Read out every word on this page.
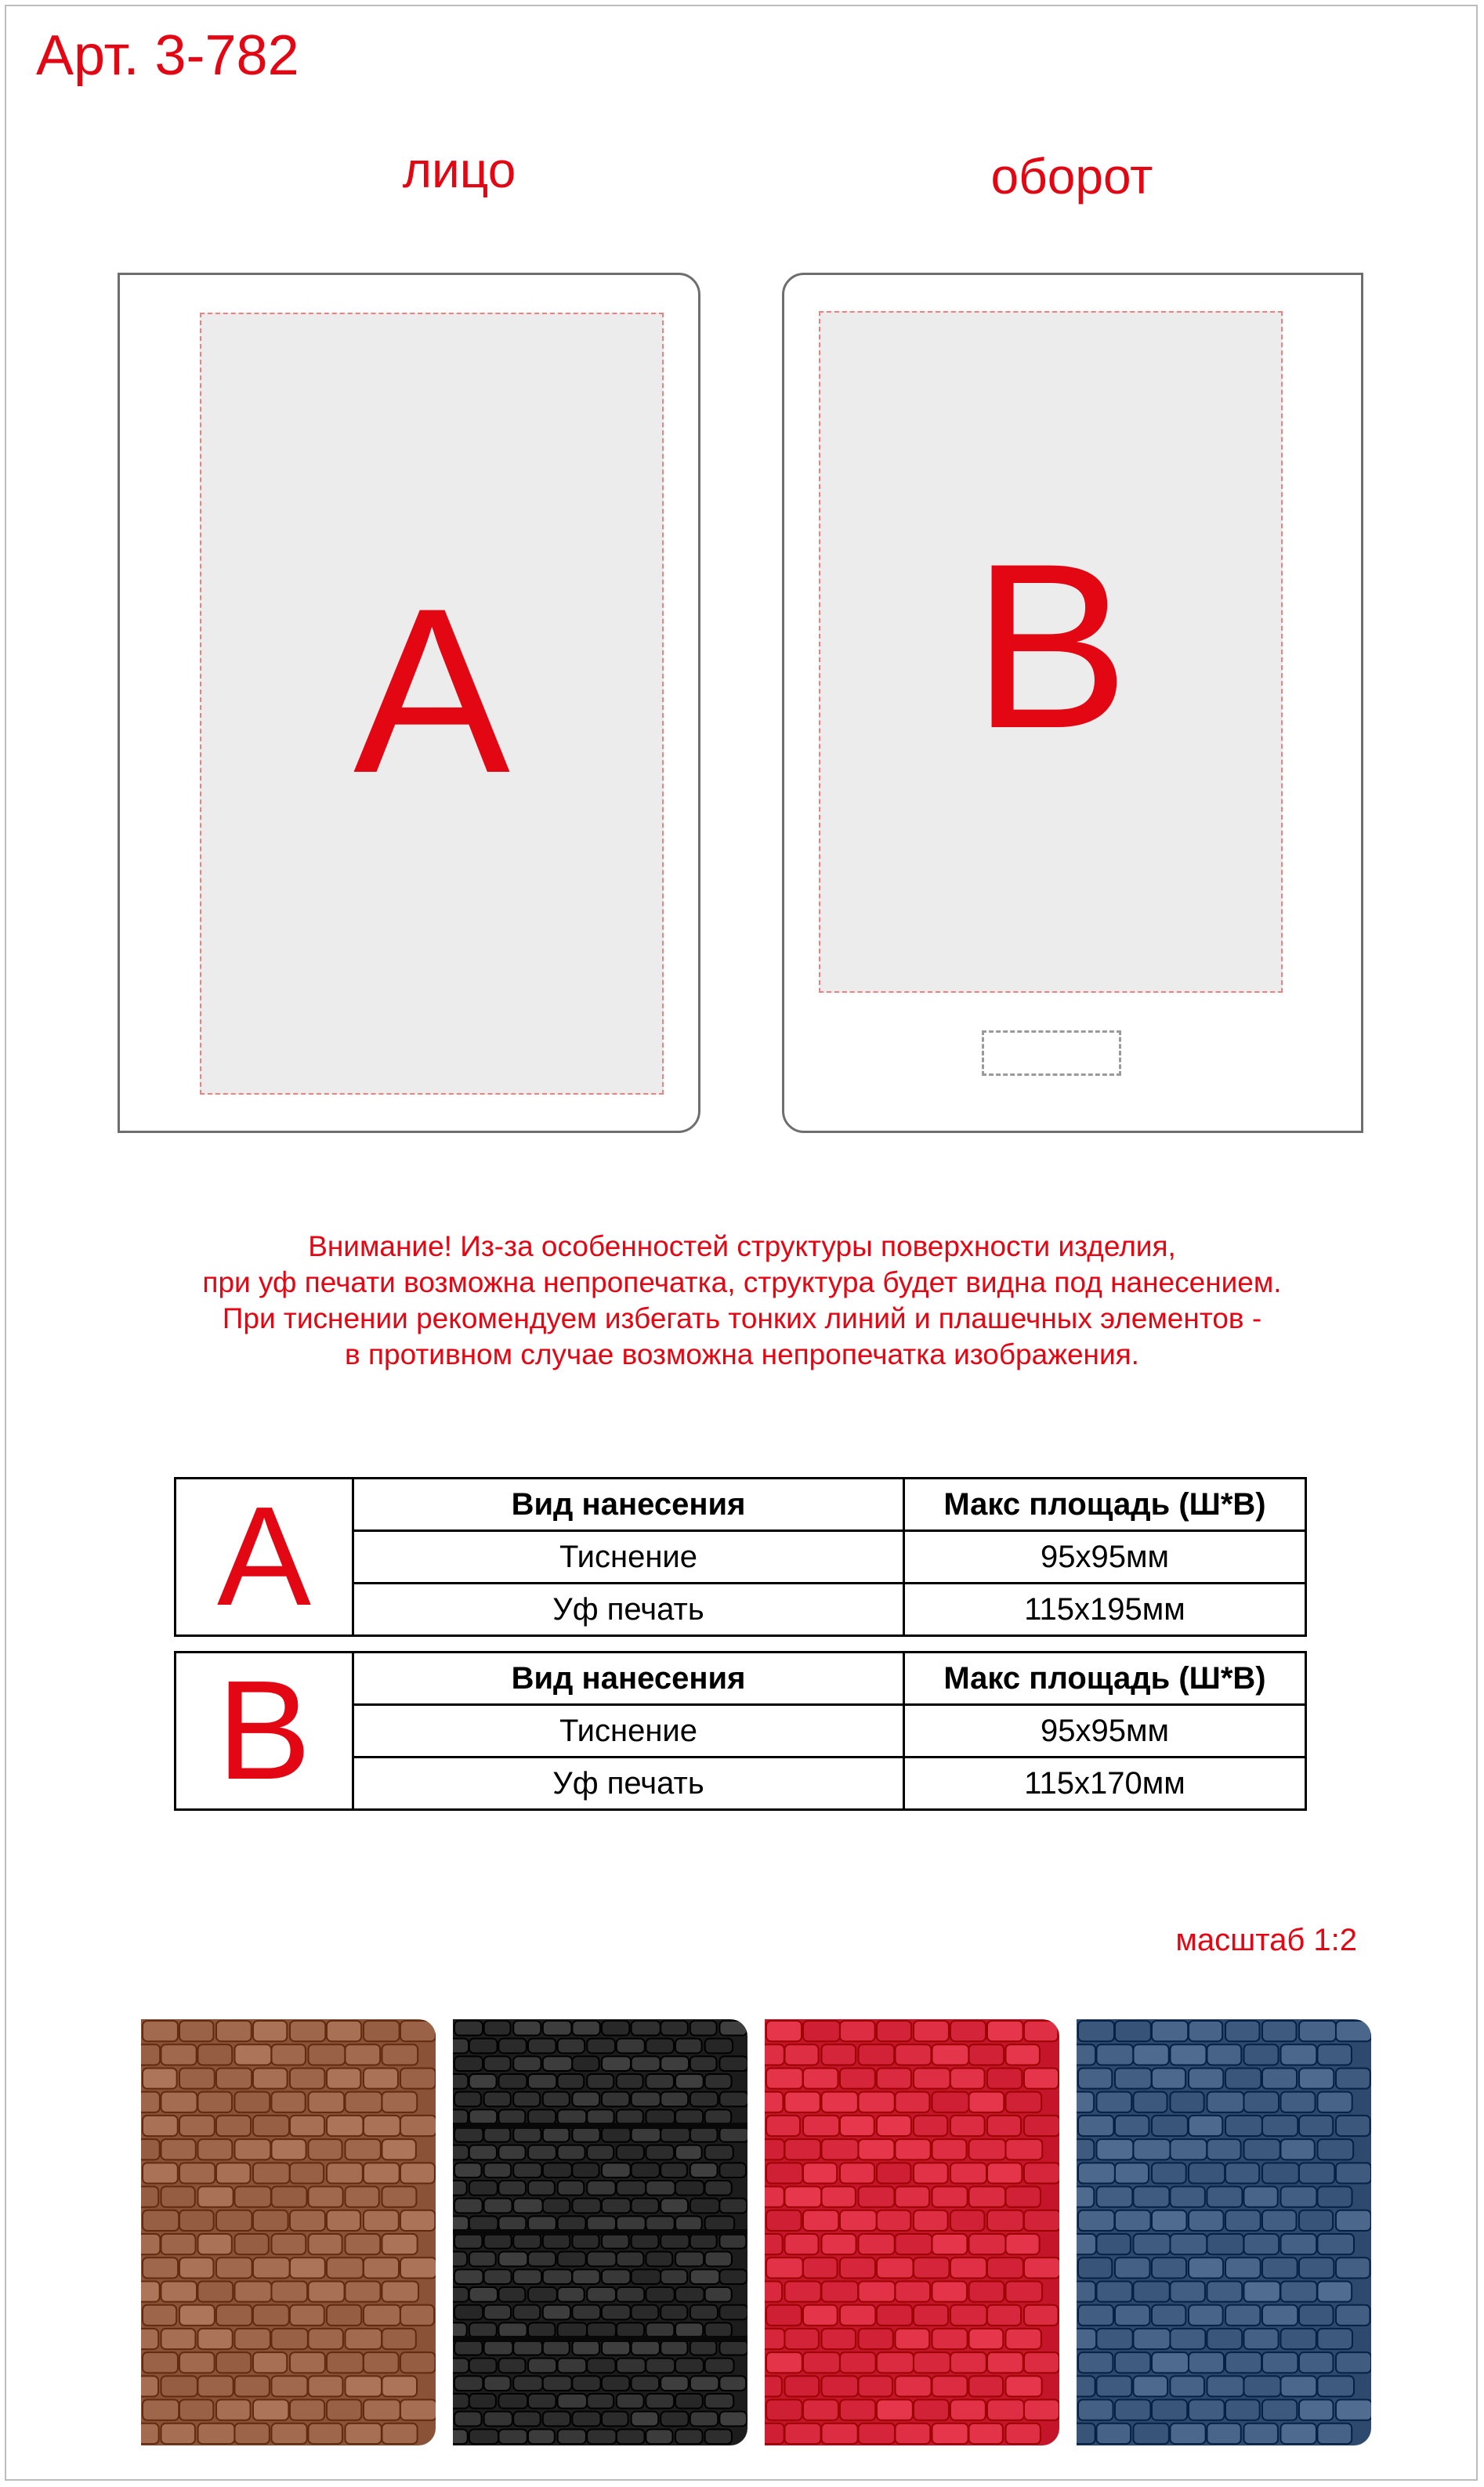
Арт. 3-782
лицо	оборот
A	B
Внимание! Из-за особенностей структуры поверхности изделия,
при уф печати возможна непропечатка, структура будет видна под нанесением.
При тиснении рекомендуем избегать тонких линий и плашечных элементов -
в противном случае возможна непропечатка изображения.
A	Вид нанесения	Макс площадь (Ш*В)
	Тиснение	95х95мм
	Уф печать	115х195мм
B	Вид нанесения	Макс площадь (Ш*В)
	Тиснение	95х95мм
	Уф печать	115х170мм
масштаб 1:2
